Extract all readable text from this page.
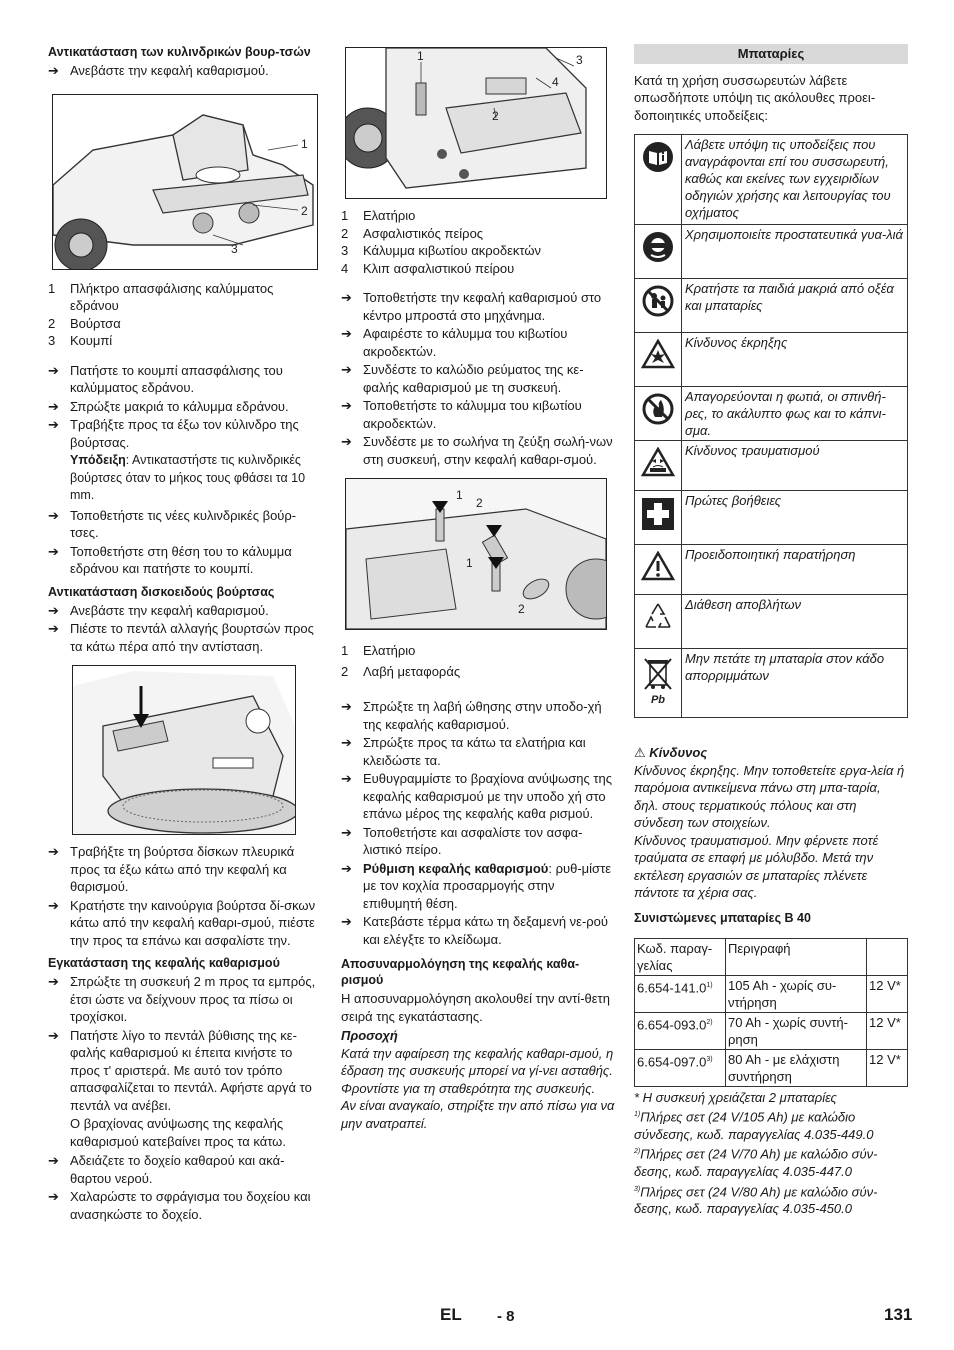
Αντικατάσταση των κυλινδρικών βουρ-τσών
➔ Ανεβάστε την κεφαλή καθαρισμού.
1
2
3
1	Πλήκτρο απασφάλισης καλύμματος εδράνου
2	Βούρτσα
3	Κουμπί
➔ Πατήστε το κουμπί απασφάλισης του καλύμματος εδράνου.
➔ Σπρώξτε μακριά το κάλυμμα εδράνου.
➔ Τραβήξτε προς τα έξω τον κύλινδρο της βούρτσας.
Υπόδειξη: Αντικαταστήστε τις κυλινδρικές βούρτσες όταν το μήκος τους φθάσει τα 10 mm.
➔ Τοποθετήστε τις νέες κυλινδρικές βούρ-τσες.
➔ Τοποθετήστε στη θέση του το κάλυμμα εδράνου και πατήστε το κουμπί.
Αντικατάσταση δισκοειδούς βούρτσας
➔ Ανεβάστε την κεφαλή καθαρισμού.
➔ Πιέστε το πεντάλ αλλαγής βουρτσών προς τα κάτω πέρα από την αντίσταση.
➔ Τραβήξτε τη βούρτσα δίσκων πλευρικά προς τα έξω κάτω από την κεφαλή κα θαρισμού.
➔ Κρατήστε την καινούργια βούρτσα δί-σκων κάτω από την κεφαλή καθαρι-σμού, πιέστε την προς τα επάνω και ασφαλίστε την.
Εγκατάσταση της κεφαλής καθαρισμού
➔ Σπρώξτε τη συσκευή 2 m προς τα εμπρός, έτσι ώστε να δείχνουν προς τα πίσω οι τροχίσκοι.
➔ Πατήστε λίγο το πεντάλ βύθισης της κε-φαλής καθαρισμού κι έπειτα κινήστε το προς τ' αριστερά. Με αυτό τον τρόπο απασφαλίζεται το πεντάλ. Αφήστε αργά το πεντάλ να ανέβει.
Ο βραχίονας ανύψωσης της κεφαλής καθαρισμού κατεβαίνει προς τα κάτω.
➔ Αδειάζετε το δοχείο καθαρού και ακά-θαρτου νερού.
➔ Χαλαρώστε το σφράγισμα του δοχείου και ανασηκώστε το δοχείο.
1	3
4
2
1	Ελατήριο
2	Ασφαλιστικός πείρος
3	Κάλυμμα κιβωτίου ακροδεκτών
4	Κλιπ ασφαλιστικού πείρου
➔ Τοποθετήστε την κεφαλή καθαρισμού στο κέντρο μπροστά στο μηχάνημα.
➔ Αφαιρέστε το κάλυμμα του κιβωτίου ακροδεκτών.
➔ Συνδέστε το καλώδιο ρεύματος της κε-φαλής καθαρισμού με τη συσκευή.
➔ Τοποθετήστε το κάλυμμα του κιβωτίου ακροδεκτών.
➔ Συνδέστε με το σωλήνα τη ζεύξη σωλή-νων στη συσκευή, στην κεφαλή καθαρι-σμού.
1
2
1
2
1	Ελατήριο
2	Λαβή μεταφοράς
➔ Σπρώξτε τη λαβή ώθησης στην υποδο-χή της κεφαλής καθαρισμού.
➔ Σπρώξτε προς τα κάτω τα ελατήρια και κλειδώστε τα.
➔ Ευθυγραμμίστε το βραχίονα ανύψωσης της κεφαλής καθαρισμού με την υποδο χή στο επάνω μέρος της κεφαλής καθα ρισμού.
➔ Τοποθετήστε και ασφαλίστε τον ασφα-λιστικό πείρο.
➔ Ρύθμιση κεφαλής καθαρισμού: ρυθ-μίστε με τον κοχλία προσαρμογής στην επιθυμητή θέση.
➔ Κατεβάστε τέρμα κάτω τη δεξαμενή νε-ρού και ελέγξτε το κλείδωμα.
Αποσυναρμολόγηση της κεφαλής καθα-ρισμού
Η αποσυναρμολόγηση ακολουθεί την αντί-θετη σειρά της εγκατάστασης.
Προσοχή
Κατά την αφαίρεση της κεφαλής καθαρι-σμού, η έδραση της συσκευής μπορεί να γί-νει ασταθής. Φροντίστε για τη σταθερότητα της συσκευής.
Αν είναι αναγκαίο, στηρίξτε την από πίσω για να μην ανατραπεί.
Μπαταρίες
Κατά τη χρήση συσσωρευτών λάβετε οπωσδήποτε υπόψη τις ακόλουθες προει-δοποιητικές υποδείξεις:
	Λάβετε υπόψη τις υποδείξεις που αναγράφονται επί του συσσωρευτή, καθώς και εκείνες των εγχειριδίων οδηγιών χρήσης και λειτουργίας του οχήματος
	Χρησιμοποιείτε προστατευτικά γυα-λιά
	Κρατήστε τα παιδιά μακριά από οξέα και μπαταρίες
	Κίνδυνος έκρηξης
	Απαγορεύονται η φωτιά, οι σπινθή-ρες, το ακάλυπτο φως και το κάπνι-σμα.
	Κίνδυνος τραυματισμού
	Πρώτες βοήθειες
	Προειδοποιητική παρατήρηση
	Διάθεση αποβλήτων

Pb	Μην πετάτε τη μπαταρία στον κάδο απορριμμάτων
⚠ Κίνδυνος
Κίνδυνος έκρηξης. Μην τοποθετείτε εργα-λεία ή παρόμοια αντικείμενα πάνω στη μπα-ταρία, δηλ. στους τερματικούς πόλους και στη σύνδεση των στοιχείων.
Κίνδυνος τραυματισμού. Μην φέρνετε ποτέ τραύματα σε επαφή με μόλυβδο. Μετά την εκτέλεση εργασιών σε μπαταρίες πλένετε πάντοτε τα χέρια σας.
Συνιστώμενες μπαταρίες B 40
Κωδ. παραγ-γελίας	Περιγραφή	
6.654-141.0$^{1)}$	105 Ah - χωρίς συ-ντήρηση	12 V*
6.654-093.0$^{2)}$	70 Ah - χωρίς συντή-ρηση	12 V*
6.654-097.0$^{3)}$	80 Ah - με ελάχιστη συντήρηση	12 V*
* Η συσκευή χρειάζεται 2 μπαταρίες
$^{1)}$Πλήρες σετ (24 V/105 Ah) με καλώδιο σύνδεσης, κωδ. παραγγελίας 4.035-449.0
$^{2)}$Πλήρες σετ (24 V/70 Ah) με καλώδιο σύν-δεσης, κωδ. παραγγελίας 4.035-447.0
$^{3)}$Πλήρες σετ (24 V/80 Ah) με καλώδιο σύν-δεσης, κωδ. παραγγελίας 4.035-450.0
EL - 8	131
